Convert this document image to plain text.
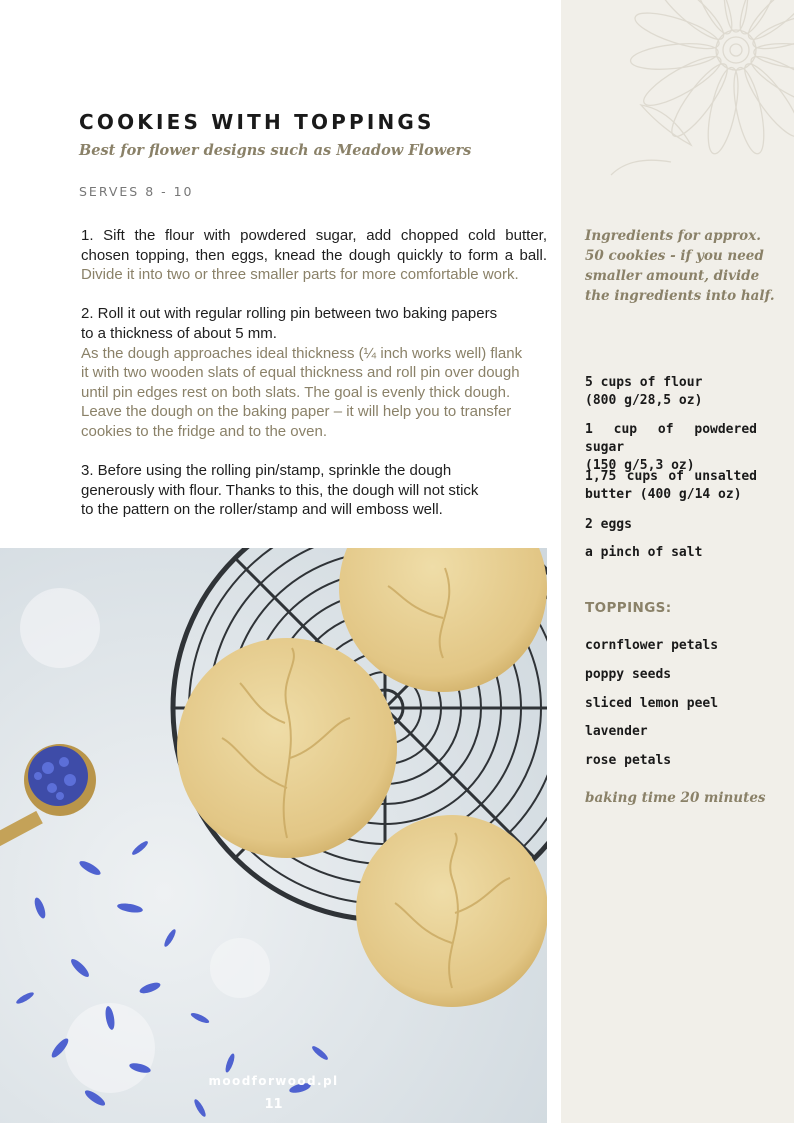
COOKIES WITH TOPPINGS
Best for flower designs such as Meadow Flowers
SERVES 8 - 10

1. Sift the flour with powdered sugar, add chopped cold butter,
chosen topping, then eggs, knead the dough quickly to form a ball.
Divide it into two or three smaller parts for more comfortable work.

2. Roll it out with regular rolling pin between two baking papers
to a thickness of about 5 mm.
As the dough approaches ideal thickness (¼ inch works well) flank
it with two wooden slats of equal thickness and roll pin over dough
until pin edges rest on both slats. The goal is evenly thick dough.
Leave the dough on the baking paper – it will help you to transfer
cookies to the fridge and to the oven.

3. Before using the rolling pin/stamp, sprinkle the dough
generously with flour. Thanks to this, the dough will not stick
to the pattern on the roller/stamp and will emboss well.

moodforwood.pl
11
Ingredients for approx.
50 cookies - if you need
smaller amount, divide
the ingredients into half.
5 cups of flour
(800 g/28,5 oz)
1 cup of powdered sugar
(150 g/5,3 oz)
1,75 cups of unsalted
butter (400 g/14 oz)
2 eggs
a pinch of salt
TOPPINGS:
cornflower petals
poppy seeds
sliced lemon peel
lavender
rose petals
baking time 20 minutes
